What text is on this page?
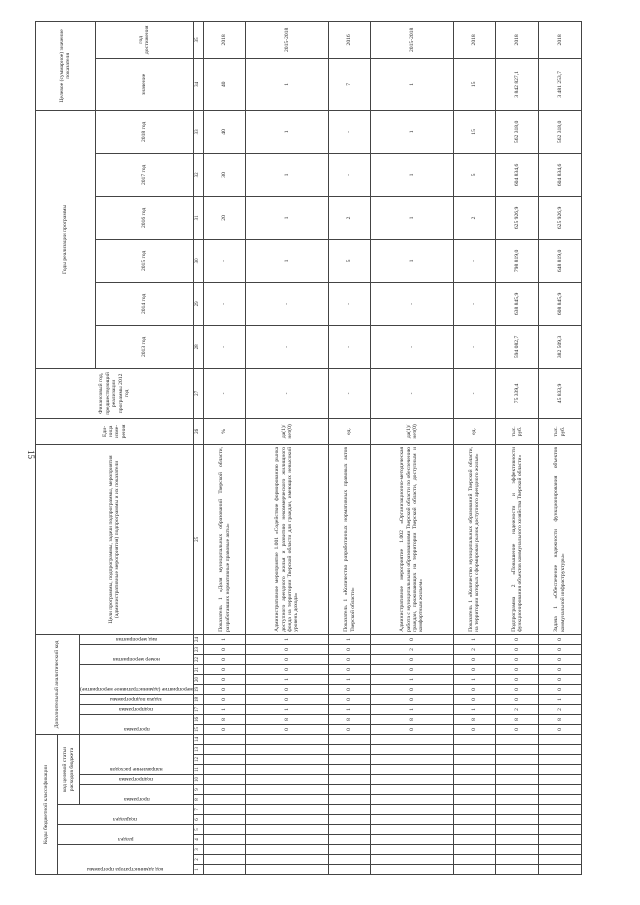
15
Коды бюджетной классификации														Дополнительный аналитический код										Цели программы, подпрограммы, задачи подпрограммы, мероприятия (административные мероприятия) подпрограммы и их показатели	Еди-ница изме-рения	Финансовый год, предшествующий реализации программы 2012 год	Годы реализации программы						Целевое (суммарное) значение показателя	

код администратора программы			раздел		подраздел		код целевой статьи расходов бюджета																											

							программа		подпрограмма	направление расходов				программа		подпрограмма	задача подпрограммы	мероприятие (административное мероприятие)			номер мероприятия		вид мероприятия											

																											2013 год	2014 год	2015 год	2016 год	2017 год	2018 год	значение	год достижения
1	2	3	4	5	6	7	8	9	10	11	12	13	14	15	16	17	18	19	20	21	22	23	24	25	26	27	28	29	30	31	32	33	34	35
														0	8	1	0	0	0	0	0	0	1	Показатель 1 «Доля муниципальных образований Тверской области, разработавших нормативные правовые акты»	%	-	-	-	-	20	30	40	40	2018
														0	8	1	0	0	1	0	0	0	1	Административное мероприятие 1.001 «Содействие формированию рынка доступного арендного жилья и развитию некоммерческого жилищного фонда на территории Тверской области для граждан, имеющих невысокий уровень дохода»	да(1)/нет(0)	-	-	-	1	1	1	1	1	2015-2018
														0	8	1	0	0	1	0	0	0	1	Показатель 1 «Количество разработанных нормативных правовых актов Тверской области»	ед.	-	-	-	5	2	-	-	7	2016
														0	8	1	0	0	1	0	0	2	0	Административное мероприятие 1.002 «Организационно-методическая работа с муниципальными образованиями Тверской области по обеспечению граждан, проживающих на территории Тверской области, доступным и комфортным жильем»	да(1)/нет(0)	-	-	-	1	1	1	1	1	2015-2018
														0	8	1	0	0	1	0	0	2	1	Показатель 1 «Количество муниципальных образований Тверской области, на территории которых сформирован рынок доступного арендного жилья»	ед.	-	-	-	-	2	5	15	15	2018
														0	8	2	0	0	0	0	0	0	0	Подпрограмма 2 «Повышение надежности и эффективности функционирования объектов коммунального хозяйства Тверской области»	тыс. руб.	75 339,4	594 082,7	638 845,9	798 819,0	625 926,9	604 834,6	562 318,0	3 842 827,1	2018
														0	8	2	1	0	0	0	0	0	0	Задача 1 «Обеспечение надежности функционирования объектов коммунальной инфраструктуры»	тыс. руб.	45 833,9	382 509,3	608 845,9	648 819,0	625 926,9	604 834,6	562 318,0	3 481 253,7	2018
